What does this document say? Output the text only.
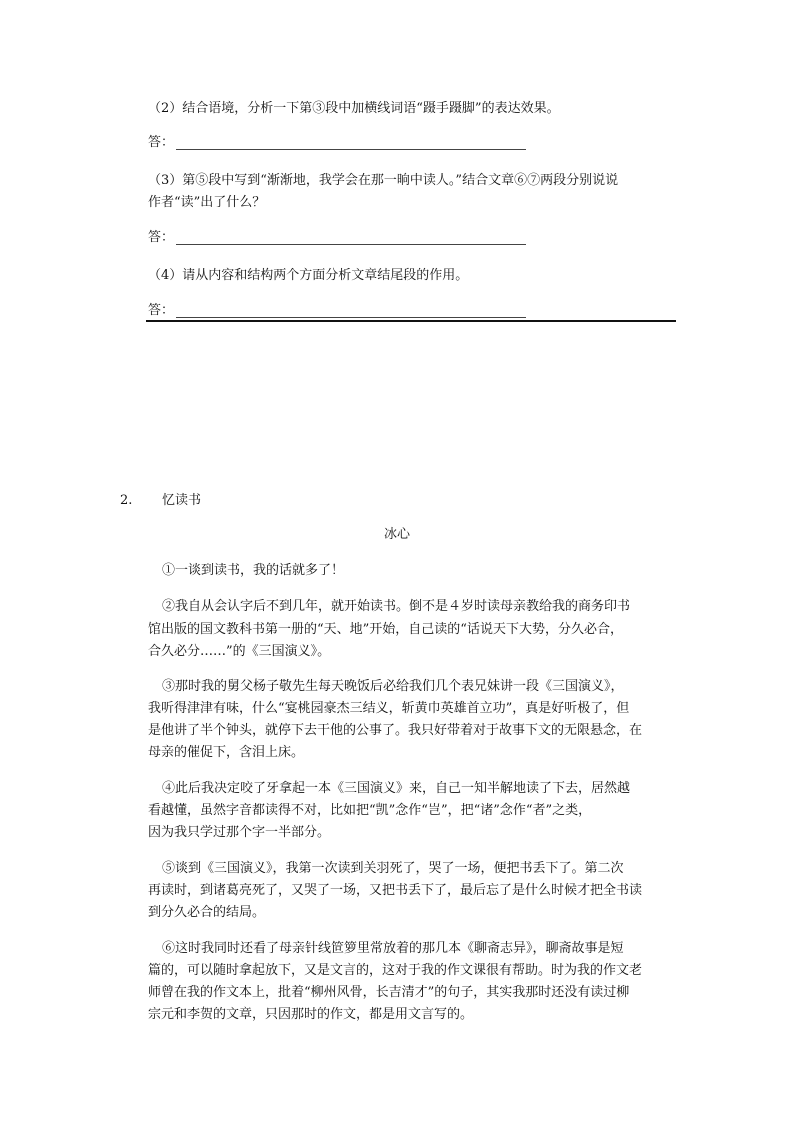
（2）结合语境，分析一下第③段中加横线词语“蹑手蹑脚”的表达效果。
答：
（3）第⑤段中写到“渐渐地，我学会在那一晌中读人。”结合文章⑥⑦两段分别说说
作者“读”出了什么？
答：
（4）请从内容和结构两个方面分析文章结尾段的作用。
答：
2. 忆读书
冰心
①一谈到读书，我的话就多了！
②我自从会认字后不到几年，就开始读书。倒不是４岁时读母亲教给我的商务印书
馆出版的国文教科书第一册的“天、地”开始，自己读的“话说天下大势，分久必合，
合久必分……”的《三国演义》。
③那时我的舅父杨子敬先生每天晚饭后必给我们几个表兄妹讲一段《三国演义》，
我听得津津有味，什么“宴桃园豪杰三结义，斩黄巾英雄首立功”，真是好听极了，但
是他讲了半个钟头，就停下去干他的公事了。我只好带着对于故事下文的无限悬念，在
母亲的催促下，含泪上床。
④此后我决定咬了牙拿起一本《三国演义》来，自己一知半解地读了下去，居然越
看越懂，虽然字音都读得不对，比如把“凯”念作“岂”，把“诸”念作“者”之类，
因为我只学过那个字一半部分。
⑤谈到《三国演义》，我第一次读到关羽死了，哭了一场，便把书丢下了。第二次
再读时，到诸葛亮死了，又哭了一场，又把书丢下了，最后忘了是什么时候才把全书读
到分久必合的结局。
⑥这时我同时还看了母亲针线笸箩里常放着的那几本《聊斋志异》，聊斋故事是短
篇的，可以随时拿起放下，又是文言的，这对于我的作文课很有帮助。时为我的作文老
师曾在我的作文本上，批着“柳州风骨，长吉清才”的句子，其实我那时还没有读过柳
宗元和李贺的文章，只因那时的作文，都是用文言写的。
